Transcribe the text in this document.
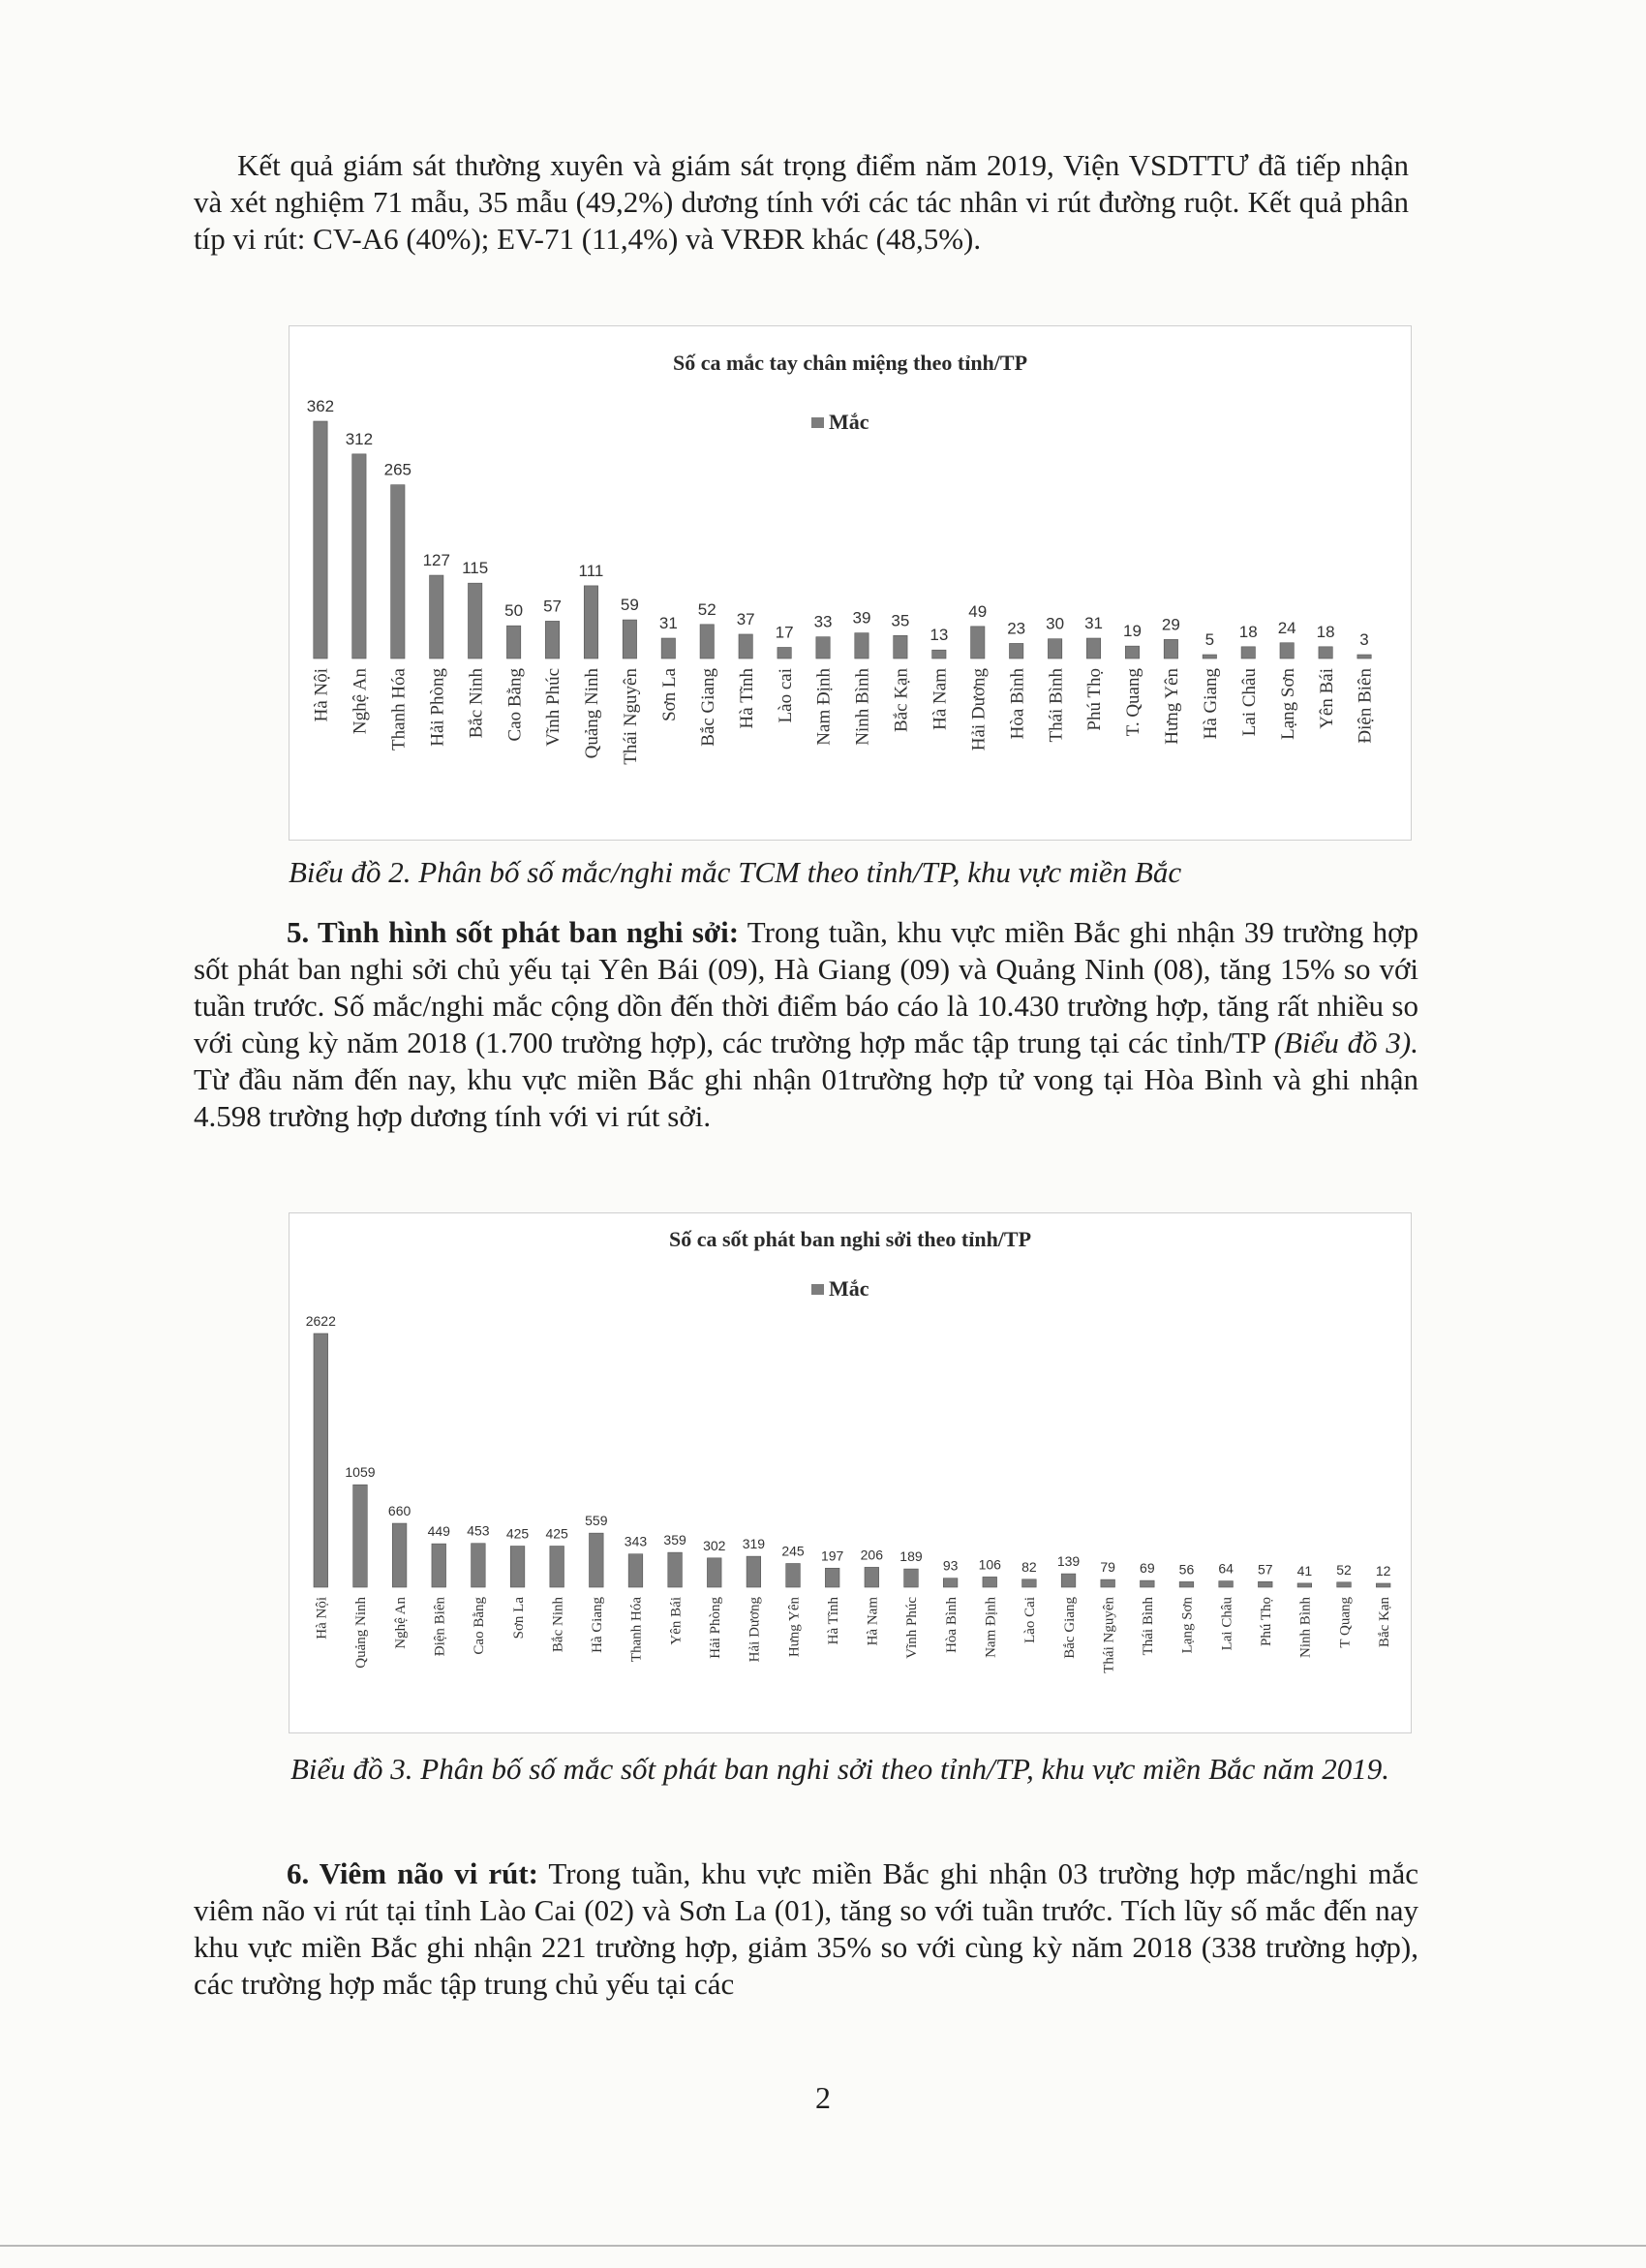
Kết quả giám sát thường xuyên và giám sát trọng điểm năm 2019, Viện VSDTTƯ đã tiếp nhận và xét nghiệm 71 mẫu, 35 mẫu (49,2%) dương tính với các tác nhân vi rút đường ruột. Kết quả phân típ vi rút: CV-A6 (40%); EV-71 (11,4%) và VRĐR khác (48,5%).

Số ca mắc tay chân miệng theo tỉnh/TP
Mắc
362
Hà Nội
312
Nghệ An
265
Thanh Hóa
127
Hải Phòng
115
Bắc Ninh
50
Cao Bằng
57
Vĩnh Phúc
111
Quảng Ninh
59
Thái Nguyên
31
Sơn La
52
Bắc Giang
37
Hà Tĩnh
17
Lào cai
33
Nam Định
39
Ninh Bình
35
Bắc Kạn
13
Hà Nam
49
Hải Dương
23
Hòa Bình
30
Thái Bình
31
Phú Thọ
19
T. Quang
29
Hưng Yên
5
Hà Giang
18
Lai Châu
24
Lạng Sơn
18
Yên Bái
3
Điện Biên

Biểu đồ 2. Phân bố số mắc/nghi mắc TCM theo tỉnh/TP, khu vực miền Bắc

5. Tình hình sốt phát ban nghi sởi: Trong tuần, khu vực miền Bắc ghi nhận 39 trường hợp sốt phát ban nghi sởi chủ yếu tại Yên Bái (09), Hà Giang (09) và Quảng Ninh (08), tăng 15% so với tuần trước. Số mắc/nghi mắc cộng dồn đến thời điểm báo cáo là 10.430 trường hợp, tăng rất nhiều so với cùng kỳ năm 2018 (1.700 trường hợp), các trường hợp mắc tập trung tại các tỉnh/TP (Biểu đồ 3). Từ đầu năm đến nay, khu vực miền Bắc ghi nhận 01trường hợp tử vong tại Hòa Bình và ghi nhận 4.598 trường hợp dương tính với vi rút sởi.

Số ca sốt phát ban nghi sởi theo tỉnh/TP
Mắc
2622
Hà Nội
1059
Quảng Ninh
660
Nghệ An
449
Điện Biên
453
Cao Bằng
425
Sơn La
425
Bắc Ninh
559
Hà Giang
343
Thanh Hóa
359
Yên Bái
302
Hải Phòng
319
Hải Dương
245
Hưng Yên
197
Hà Tĩnh
206
Hà Nam
189
Vĩnh Phúc
93
Hòa Bình
106
Nam Định
82
Lào Cai
139
Bắc Giang
79
Thái Nguyên
69
Thái Bình
56
Lạng Sơn
64
Lai Châu
57
Phú Thọ
41
Ninh Bình
52
T Quang
12
Bắc Kạn

Biểu đồ 3. Phân bố số mắc sốt phát ban nghi sởi theo tỉnh/TP, khu vực miền Bắc năm 2019.

6. Viêm não vi rút: Trong tuần, khu vực miền Bắc ghi nhận 03 trường hợp mắc/nghi mắc viêm não vi rút tại tỉnh Lào Cai (02) và Sơn La (01), tăng so với tuần trước. Tích lũy số mắc đến nay khu vực miền Bắc ghi nhận 221 trường hợp, giảm 35% so với cùng kỳ năm 2018 (338 trường hợp), các trường hợp mắc tập trung chủ yếu tại các

2
